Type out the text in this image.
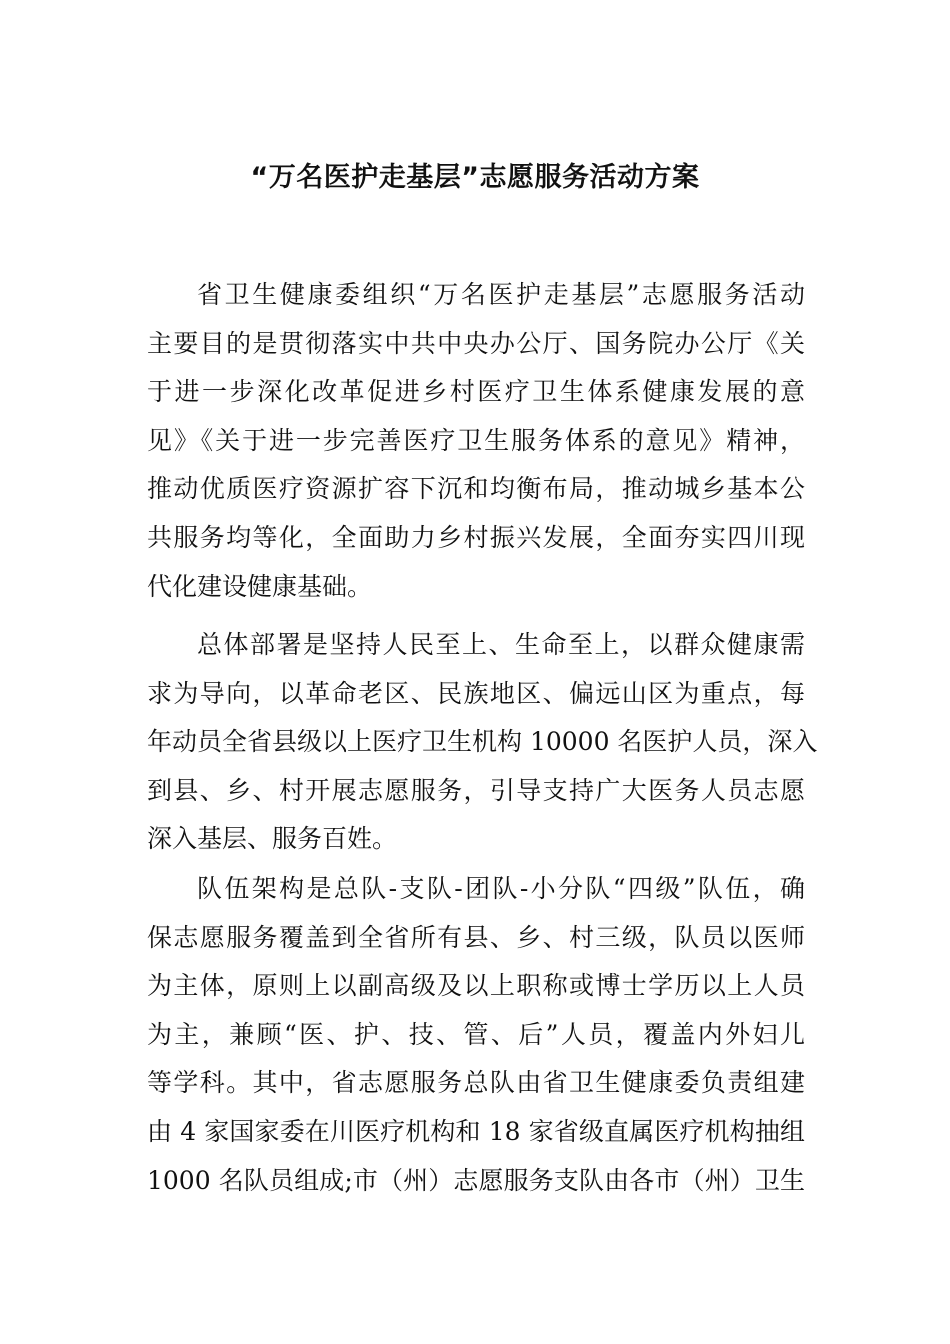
“万名医护走基层”志愿服务活动方案
省卫生健康委组织“万名医护走基层”志愿服务活动
主要目的是贯彻落实中共中央办公厅、国务院办公厅《关
于进一步深化改革促进乡村医疗卫生体系健康发展的意
见》《关于进一步完善医疗卫生服务体系的意见》精神，
推动优质医疗资源扩容下沉和均衡布局，推动城乡基本公
共服务均等化，全面助力乡村振兴发展，全面夯实四川现
代化建设健康基础。
总体部署是坚持人民至上、生命至上，以群众健康需
求为导向，以革命老区、民族地区、偏远山区为重点，每
年动员全省县级以上医疗卫生机构 10000 名医护人员，深入
到县、乡、村开展志愿服务，引导支持广大医务人员志愿
深入基层、服务百姓。
队伍架构是总队-支队-团队-小分队“四级”队伍，确
保志愿服务覆盖到全省所有县、乡、村三级，队员以医师
为主体，原则上以副高级及以上职称或博士学历以上人员
为主，兼顾“医、护、技、管、后”人员，覆盖内外妇儿
等学科。其中，省志愿服务总队由省卫生健康委负责组建
由 4 家国家委在川医疗机构和 18 家省级直属医疗机构抽组
1000 名队员组成;市（州）志愿服务支队由各市（州）卫生
